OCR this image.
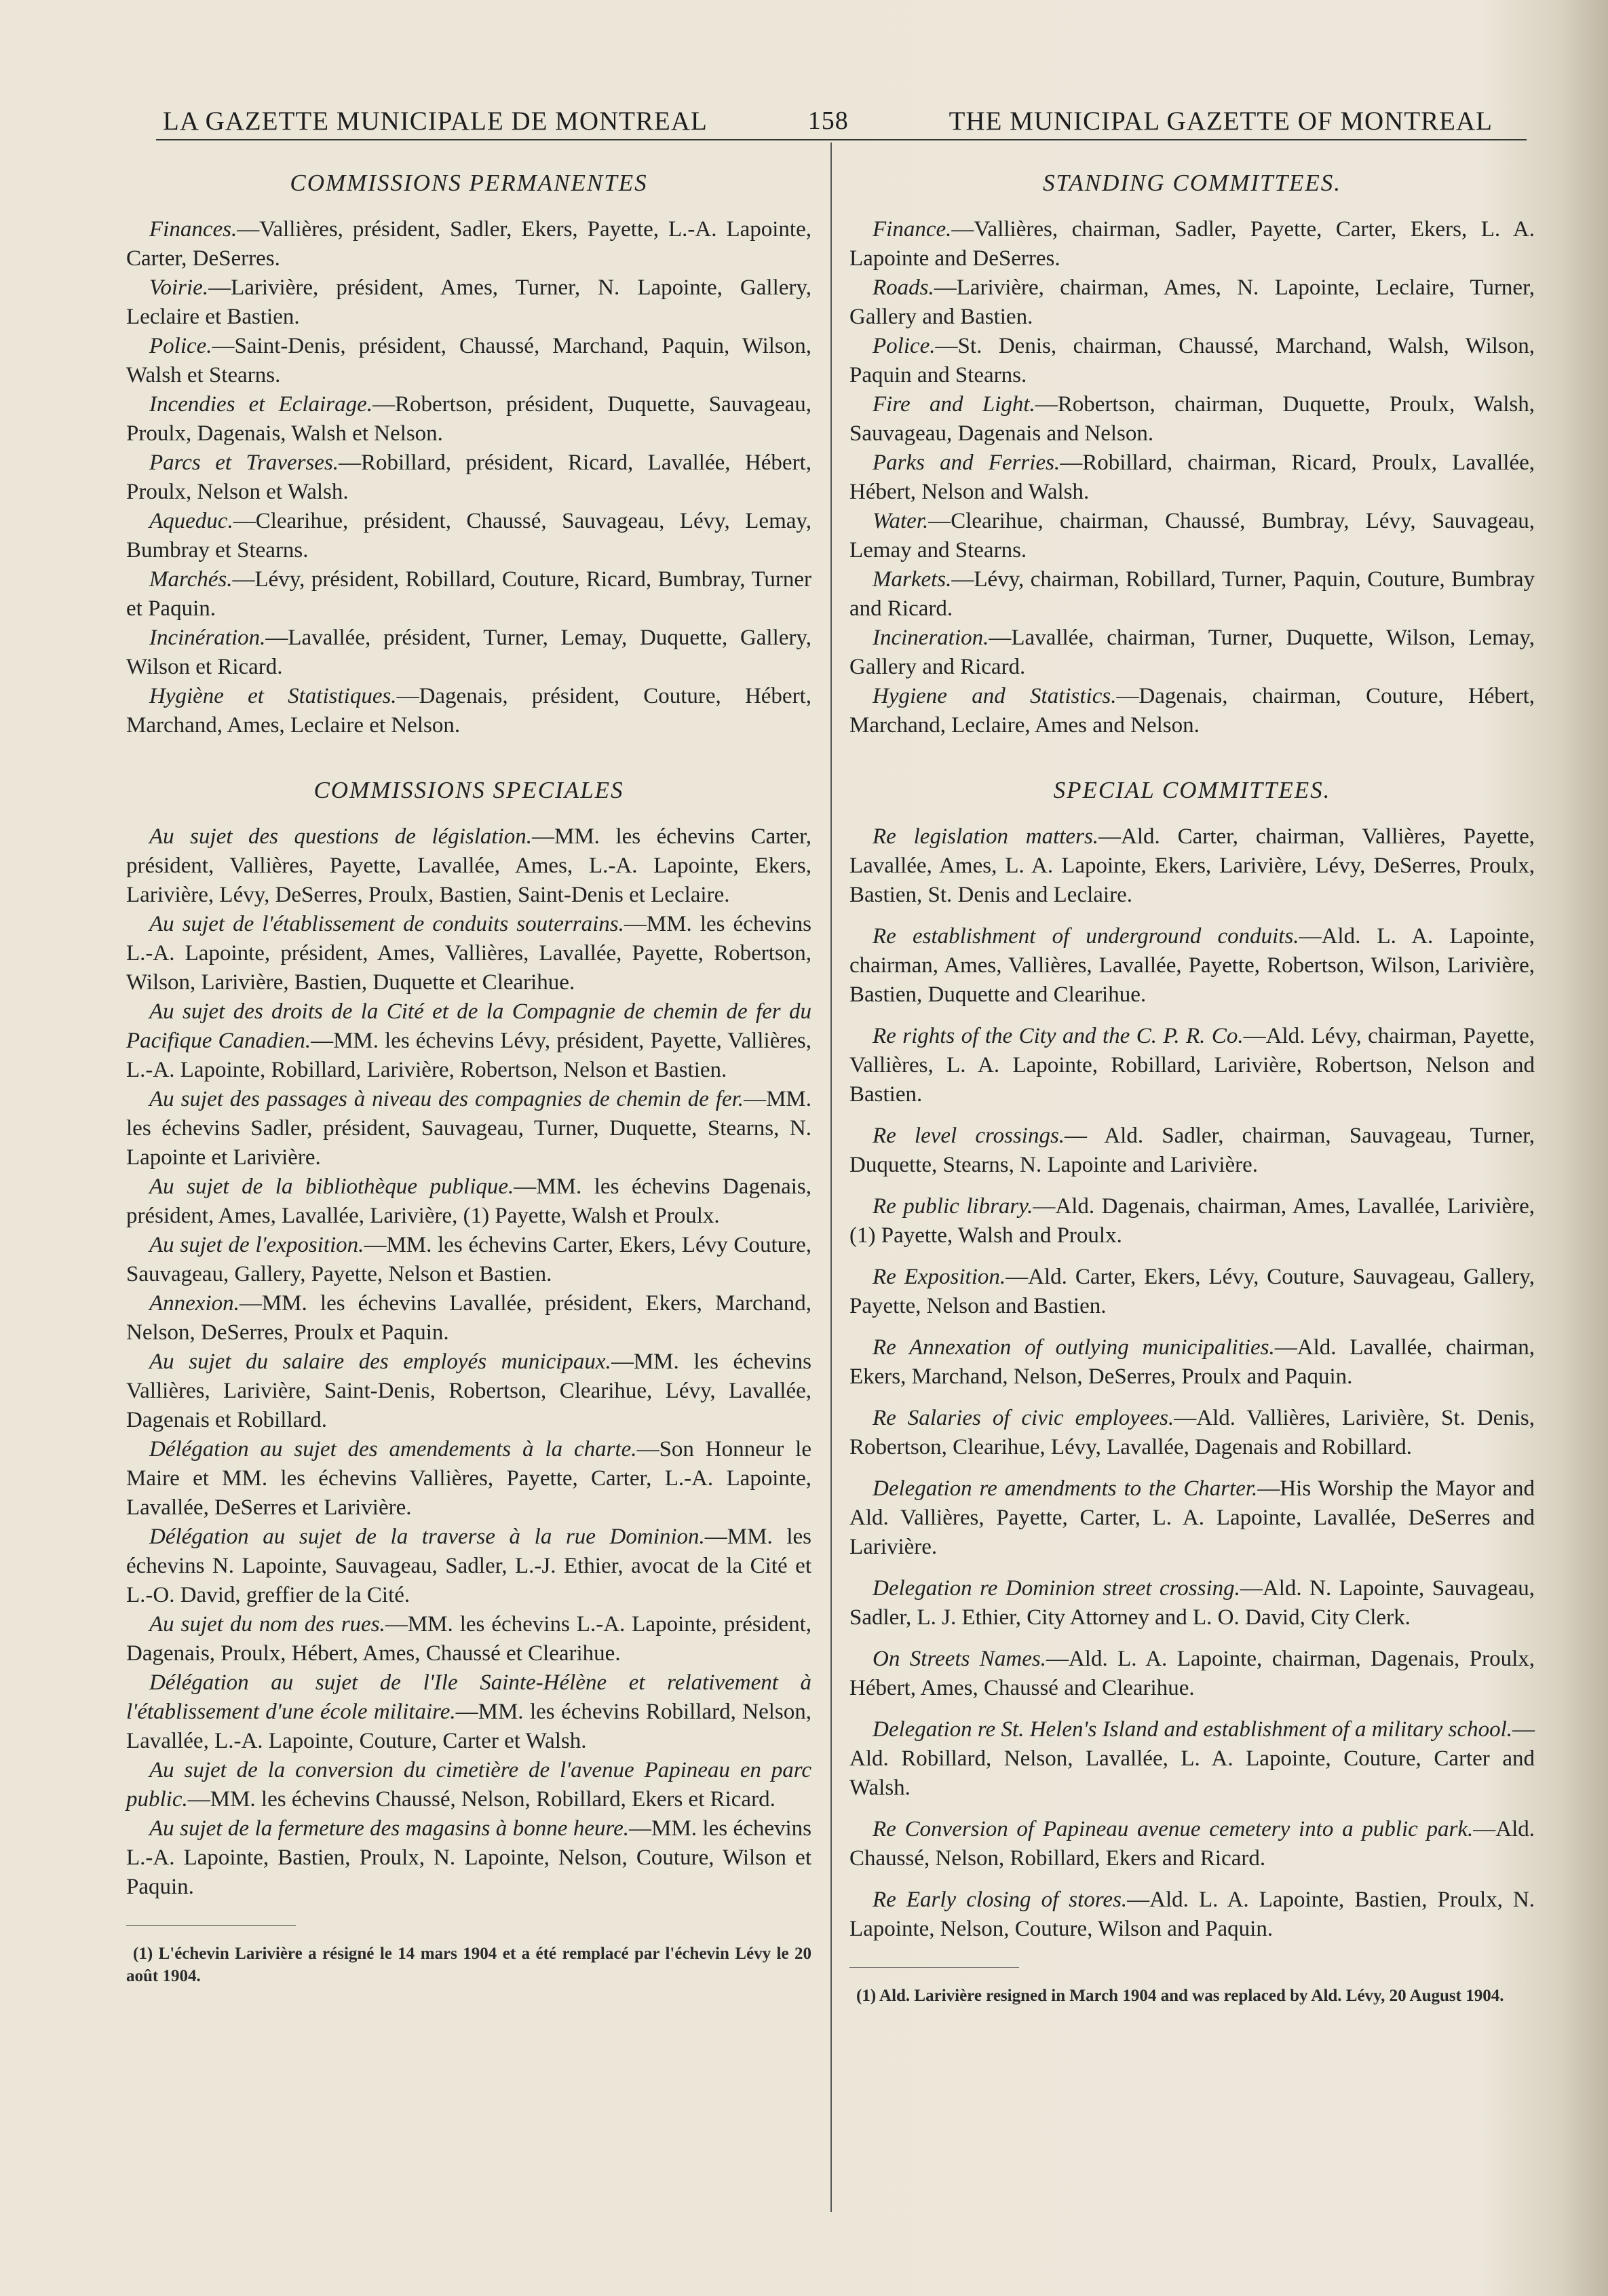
LA GAZETTE MUNICIPALE DE MONTREAL	158	THE MUNICIPAL GAZETTE OF MONTREAL
COMMISSIONS PERMANENTES

Finances.—Vallières, président, Sadler, Ekers, Payette, L.-A. Lapointe, Carter, DeSerres.

Voirie.—Larivière, président, Ames, Turner, N. Lapointe, Gallery, Leclaire et Bastien.

Police.—Saint-Denis, président, Chaussé, Marchand, Paquin, Wilson, Walsh et Stearns.

Incendies et Eclairage.—Robertson, président, Duquette, Sauvageau, Proulx, Dagenais, Walsh et Nelson.

Parcs et Traverses.—Robillard, président, Ricard, Lavallée, Hébert, Proulx, Nelson et Walsh.

Aqueduc.—Clearihue, président, Chaussé, Sauvageau, Lévy, Lemay, Bumbray et Stearns.

Marchés.—Lévy, président, Robillard, Couture, Ricard, Bumbray, Turner et Paquin.

Incinération.—Lavallée, président, Turner, Lemay, Duquette, Gallery, Wilson et Ricard.

Hygiène et Statistiques.—Dagenais, président, Couture, Hébert, Marchand, Ames, Leclaire et Nelson.

COMMISSIONS SPECIALES

Au sujet des questions de législation.—MM. les échevins Carter, président, Vallières, Payette, Lavallée, Ames, L.-A. Lapointe, Ekers, Larivière, Lévy, DeSerres, Proulx, Bastien, Saint-Denis et Leclaire.

Au sujet de l'établissement de conduits souterrains.—MM. les échevins L.-A. Lapointe, président, Ames, Vallières, Lavallée, Payette, Robertson, Wilson, Larivière, Bastien, Duquette et Clearihue.

Au sujet des droits de la Cité et de la Compagnie de chemin de fer du Pacifique Canadien.—MM. les échevins Lévy, président, Payette, Vallières, L.-A. Lapointe, Robillard, Larivière, Robertson, Nelson et Bastien.

Au sujet des passages à niveau des compagnies de chemin de fer.—MM. les échevins Sadler, président, Sauvageau, Turner, Duquette, Stearns, N. Lapointe et Larivière.

Au sujet de la bibliothèque publique.—MM. les échevins Dagenais, président, Ames, Lavallée, Larivière, (1) Payette, Walsh et Proulx.

Au sujet de l'exposition.—MM. les échevins Carter, Ekers, Lévy Couture, Sauvageau, Gallery, Payette, Nelson et Bastien.

Annexion.—MM. les échevins Lavallée, président, Ekers, Marchand, Nelson, DeSerres, Proulx et Paquin.

Au sujet du salaire des employés municipaux.—MM. les échevins Vallières, Larivière, Saint-Denis, Robertson, Clearihue, Lévy, Lavallée, Dagenais et Robillard.

Délégation au sujet des amendements à la charte.—Son Honneur le Maire et MM. les échevins Vallières, Payette, Carter, L.-A. Lapointe, Lavallée, DeSerres et Larivière.

Délégation au sujet de la traverse à la rue Dominion.—MM. les échevins N. Lapointe, Sauvageau, Sadler, L.-J. Ethier, avocat de la Cité et L.-O. David, greffier de la Cité.

Au sujet du nom des rues.—MM. les échevins L.-A. Lapointe, président, Dagenais, Proulx, Hébert, Ames, Chaussé et Clearihue.

Délégation au sujet de l'Ile Sainte-Hélène et relativement à l'établissement d'une école militaire.—MM. les échevins Robillard, Nelson, Lavallée, L.-A. Lapointe, Couture, Carter et Walsh.

Au sujet de la conversion du cimetière de l'avenue Papineau en parc public.—MM. les échevins Chaussé, Nelson, Robillard, Ekers et Ricard.

Au sujet de la fermeture des magasins à bonne heure.—MM. les échevins L.-A. Lapointe, Bastien, Proulx, N. Lapointe, Nelson, Couture, Wilson et Paquin.

(1) L'échevin Larivière a résigné le 14 mars 1904 et a été remplacé par l'échevin Lévy le 20 août 1904.

STANDING COMMITTEES.

Finance.—Vallières, chairman, Sadler, Payette, Carter, Ekers, L. A. Lapointe and DeSerres.

Roads.—Larivière, chairman, Ames, N. Lapointe, Leclaire, Turner, Gallery and Bastien.

Police.—St. Denis, chairman, Chaussé, Marchand, Walsh, Wilson, Paquin and Stearns.

Fire and Light.—Robertson, chairman, Duquette, Proulx, Walsh, Sauvageau, Dagenais and Nelson.

Parks and Ferries.—Robillard, chairman, Ricard, Proulx, Lavallée, Hébert, Nelson and Walsh.

Water.—Clearihue, chairman, Chaussé, Bumbray, Lévy, Sauvageau, Lemay and Stearns.

Markets.—Lévy, chairman, Robillard, Turner, Paquin, Couture, Bumbray and Ricard.

Incineration.—Lavallée, chairman, Turner, Duquette, Wilson, Lemay, Gallery and Ricard.

Hygiene and Statistics.—Dagenais, chairman, Couture, Hébert, Marchand, Leclaire, Ames and Nelson.

SPECIAL COMMITTEES.

Re legislation matters.—Ald. Carter, chairman, Vallières, Payette, Lavallée, Ames, L. A. Lapointe, Ekers, Larivière, Lévy, DeSerres, Proulx, Bastien, St. Denis and Leclaire.

Re establishment of underground conduits.—Ald. L. A. Lapointe, chairman, Ames, Vallières, Lavallée, Payette, Robertson, Wilson, Larivière, Bastien, Duquette and Clearihue.

Re rights of the City and the C. P. R. Co.—Ald. Lévy, chairman, Payette, Vallières, L. A. Lapointe, Robillard, Larivière, Robertson, Nelson and Bastien.

Re level crossings.— Ald. Sadler, chairman, Sauvageau, Turner, Duquette, Stearns, N. Lapointe and Larivière.

Re public library.—Ald. Dagenais, chairman, Ames, Lavallée, Larivière, (1) Payette, Walsh and Proulx.

Re Exposition.—Ald. Carter, Ekers, Lévy, Couture, Sauvageau, Gallery, Payette, Nelson and Bastien.

Re Annexation of outlying municipalities.—Ald. Lavallée, chairman, Ekers, Marchand, Nelson, DeSerres, Proulx and Paquin.

Re Salaries of civic employees.—Ald. Vallières, Larivière, St. Denis, Robertson, Clearihue, Lévy, Lavallée, Dagenais and Robillard.

Delegation re amendments to the Charter.—His Worship the Mayor and Ald. Vallières, Payette, Carter, L. A. Lapointe, Lavallée, DeSerres and Larivière.

Delegation re Dominion street crossing.—Ald. N. Lapointe, Sauvageau, Sadler, L. J. Ethier, City Attorney and L. O. David, City Clerk.

On Streets Names.—Ald. L. A. Lapointe, chairman, Dagenais, Proulx, Hébert, Ames, Chaussé and Clearihue.

Delegation re St. Helen's Island and establishment of a military school.—Ald. Robillard, Nelson, Lavallée, L. A. Lapointe, Couture, Carter and Walsh.

Re Conversion of Papineau avenue cemetery into a public park.—Ald. Chaussé, Nelson, Robillard, Ekers and Ricard.

Re Early closing of stores.—Ald. L. A. Lapointe, Bastien, Proulx, N. Lapointe, Nelson, Couture, Wilson and Paquin.

(1) Ald. Larivière resigned in March 1904 and was replaced by Ald. Lévy, 20 August 1904.
